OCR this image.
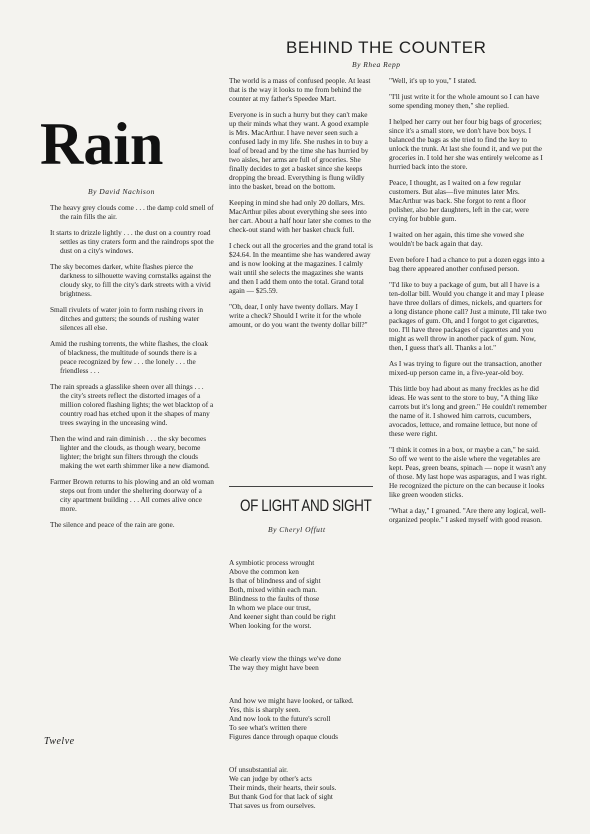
BEHIND THE COUNTER
By Rhea Repp
Rain
By David Nachison

The heavy grey clouds come . . . the damp cold smell of the rain fills the air.

It starts to drizzle lightly . . . the dust on a country road settles as tiny craters form and the raindrops spot the dust on a city's windows.

The sky becomes darker, white flashes pierce the darkness to silhouette waving cornstalks against the cloudy sky, to fill the city's dark streets with a vivid brightness.

Small rivulets of water join to form rushing rivers in ditches and gutters; the sounds of rushing water silences all else.

Amid the rushing torrents, the white flashes, the cloak of blackness, the multitude of sounds there is a peace recognized by few . . . the lonely . . . the friendless . . .

The rain spreads a glasslike sheen over all things . . . the city's streets reflect the distorted images of a million colored flashing lights; the wet blacktop of a country road has etched upon it the shapes of many trees swaying in the unceasing wind.

Then the wind and rain diminish . . . the sky becomes lighter and the clouds, as though weary, become lighter; the bright sun filters through the clouds making the wet earth shimmer like a new diamond.

Farmer Brown returns to his plowing and an old woman steps out from under the sheltering doorway of a city apartment building . . . All comes alive once more.

The silence and peace of the rain are gone.

The world is a mass of confused people. At least that is the way it looks to me from behind the counter at my father's Speedee Mart.

Everyone is in such a hurry but they can't make up their minds what they want. A good example is Mrs. MacArthur. I have never seen such a confused lady in my life. She rushes in to buy a loaf of bread and by the time she has hurried by two aisles, her arms are full of groceries. She finally decides to get a basket since she keeps dropping the bread. Everything is flung wildly into the basket, bread on the bottom.

Keeping in mind she had only 20 dollars, Mrs. MacArthur piles about everything she sees into her cart. About a half hour later she comes to the check-out stand with her basket chuck full.

I check out all the groceries and the grand total is $24.64. In the meantime she has wandered away and is now looking at the magazines. I calmly wait until she selects the magazines she wants and then I add them onto the total. Grand total again — $25.59.

"Oh, dear, I only have twenty dollars. May I write a check? Should I write it for the whole amount, or do you want the twenty dollar bill?"

"Well, it's up to you," I stated.

"I'll just write it for the whole amount so I can have some spending money then," she replied.

I helped her carry out her four big bags of groceries; since it's a small store, we don't have box boys. I balanced the bags as she tried to find the key to unlock the trunk. At last she found it, and we put the groceries in. I told her she was entirely welcome as I hurried back into the store.

Peace, I thought, as I waited on a few regular customers. But alas—five minutes later Mrs. MacArthur was back. She forgot to rent a floor polisher, also her daughters, left in the car, were crying for bubble gum.

I waited on her again, this time she vowed she wouldn't be back again that day.

Even before I had a chance to put a dozen eggs into a bag there appeared another confused person.

"I'd like to buy a package of gum, but all I have is a ten-dollar bill. Would you change it and may I please have three dollars of dimes, nickels, and quarters for a long distance phone call? Just a minute, I'll take two packages of gum. Oh, and I forgot to get cigarettes, too. I'll have three packages of cigarettes and you might as well throw in another pack of gum. Now, then, I guess that's all. Thanks a lot."

As I was trying to figure out the transaction, another mixed-up person came in, a five-year-old boy.

This little boy had about as many freckles as he did ideas. He was sent to the store to buy, "A thing like carrots but it's long and green." He couldn't remember the name of it. I showed him carrots, cucumbers, avocados, lettuce, and romaine lettuce, but none of these were right.

"I think it comes in a box, or maybe a can," he said. So off we went to the aisle where the vegetables are kept. Peas, green beans, spinach — nope it wasn't any of those. My last hope was asparagus, and I was right. He recognized the picture on the can because it looks like green wooden sticks.

"What a day," I groaned. "Are there any logical, well-organized people." I asked myself with good reason.

OF LIGHT AND SIGHT
By Cheryl Offutt

A symbiotic process wrought
Above the common ken
Is that of blindness and of sight
Both, mixed within each man.
Blindness to the faults of those
In whom we place our trust,
And keener sight than could be right
When looking for the worst.

We clearly view the things we've done
The way they might have been

And how we might have looked, or talked.
Yes, this is sharply seen.
And now look to the future's scroll
To see what's written there
Figures dance through opaque clouds

Of unsubstantial air.
We can judge by other's acts
Their minds, their hearts, their souls.
But thank God for that lack of sight
That saves us from ourselves.

Twelve
